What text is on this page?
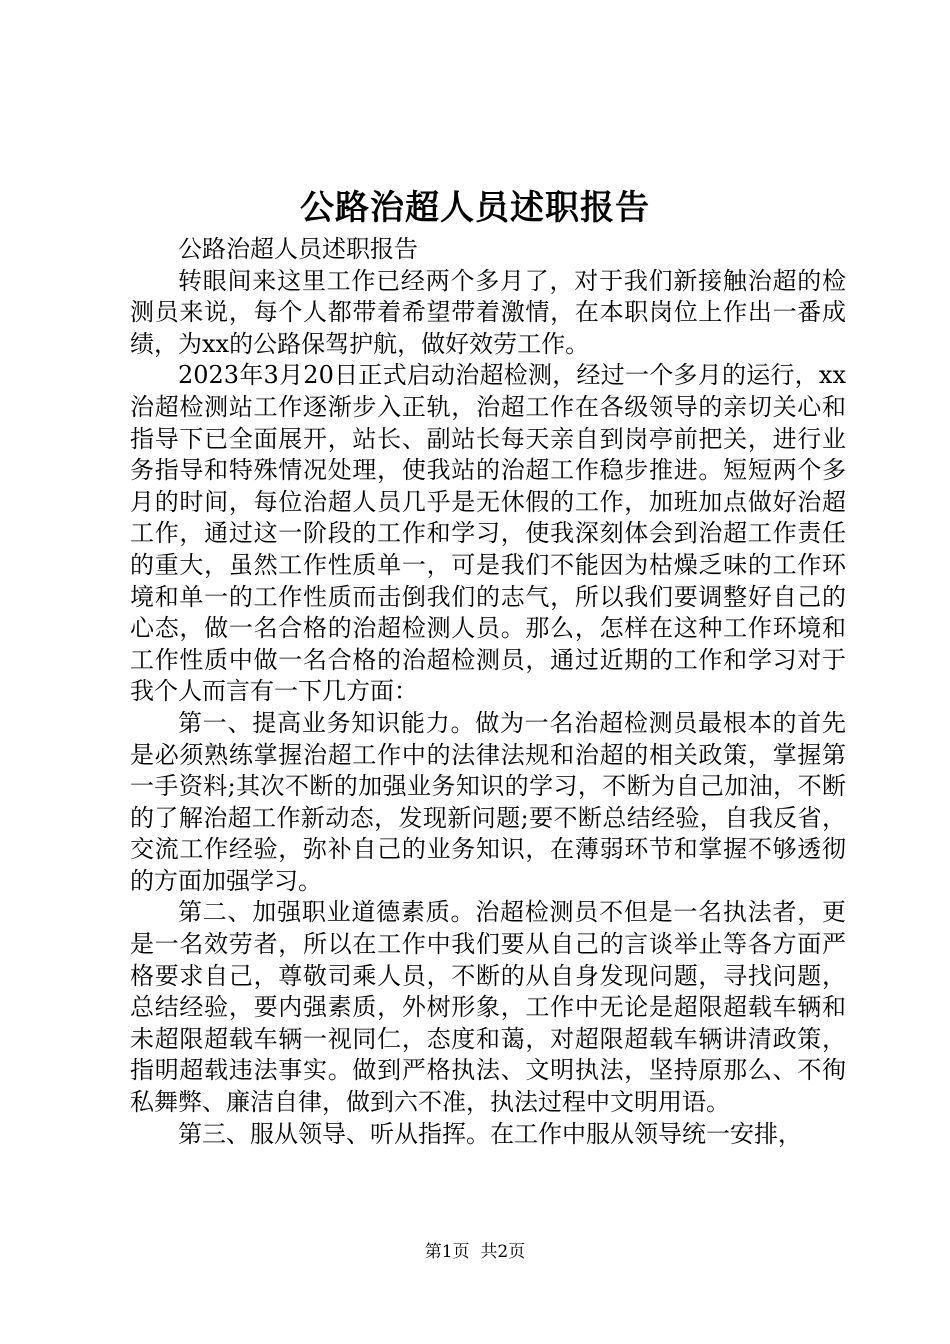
公路治超人员述职报告

公路治超人员述职报告

转眼间来这里工作已经两个多月了，对于我们新接触治超的检测员来说，每个人都带着希望带着激情，在本职岗位上作出一番成绩，为xx的公路保驾护航，做好效劳工作。

2023年3月20日正式启动治超检测，经过一个多月的运行，xx治超检测站工作逐渐步入正轨，治超工作在各级领导的亲切关心和指导下已全面展开，站长、副站长每天亲自到岗亭前把关，进行业务指导和特殊情况处理，使我站的治超工作稳步推进。短短两个多月的时间，每位治超人员几乎是无休假的工作，加班加点做好治超工作，通过这一阶段的工作和学习，使我深刻体会到治超工作责任的重大，虽然工作性质单一，可是我们不能因为枯燥乏味的工作环境和单一的工作性质而击倒我们的志气，所以我们要调整好自己的心态，做一名合格的治超检测人员。那么，怎样在这种工作环境和工作性质中做一名合格的治超检测员，通过近期的工作和学习对于我个人而言有一下几方面：

第一、提高业务知识能力。做为一名治超检测员最根本的首先是必须熟练掌握治超工作中的法律法规和治超的相关政策，掌握第一手资料;其次不断的加强业务知识的学习，不断为自己加油，不断的了解治超工作新动态，发现新问题;要不断总结经验，自我反省，交流工作经验，弥补自己的业务知识，在薄弱环节和掌握不够透彻的方面加强学习。

第二、加强职业道德素质。治超检测员不但是一名执法者，更是一名效劳者，所以在工作中我们要从自己的言谈举止等各方面严格要求自己，尊敬司乘人员，不断的从自身发现问题，寻找问题，总结经验，要内强素质，外树形象，工作中无论是超限超载车辆和未超限超载车辆一视同仁，态度和蔼，对超限超载车辆讲清政策，指明超载违法事实。做到严格执法、文明执法，坚持原那么、不徇私舞弊、廉洁自律，做到六不准，执法过程中文明用语。

第三、服从领导、听从指挥。在工作中服从领导统一安排，

第1页 共2页
